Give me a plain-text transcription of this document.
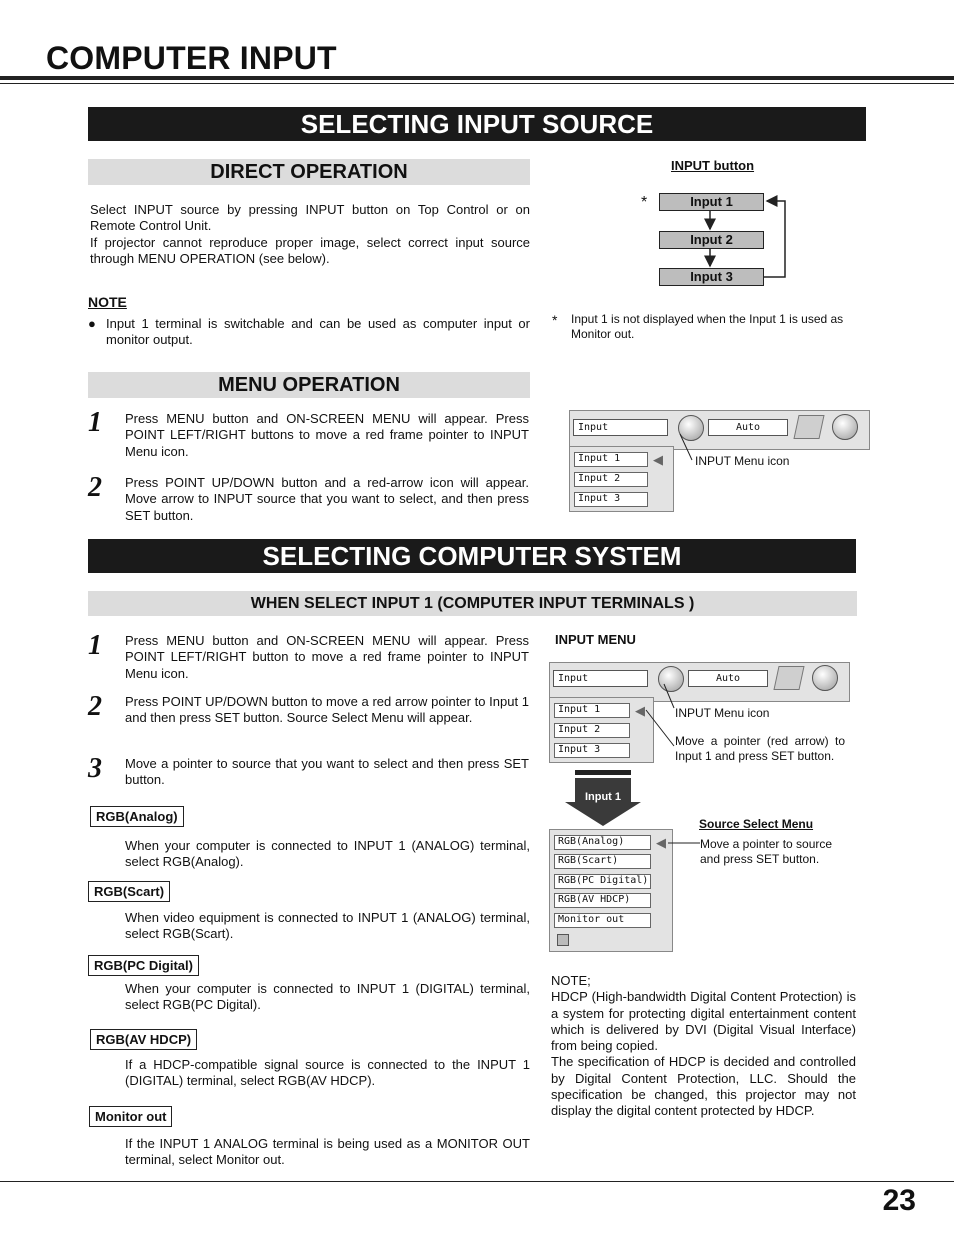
COMPUTER INPUT
SELECTING INPUT SOURCE
DIRECT OPERATION
Select INPUT source by pressing INPUT button on Top Control or on Remote Control Unit.
If projector cannot reproduce proper image, select correct input source through MENU OPERATION (see below).
NOTE
● Input 1 terminal is switchable and can be used as computer input or monitor output.
INPUT button
*	Input 1
Input 2
Input 3
* Input 1 is not displayed when the Input 1 is used as Monitor out.
MENU OPERATION
1 Press MENU button and ON-SCREEN MENU will appear. Press POINT LEFT/RIGHT buttons to move a red frame pointer to INPUT Menu icon.
2 Press POINT UP/DOWN button and a red-arrow icon will appear. Move arrow to INPUT source that you want to select, and then press SET button.
Input	Auto
Input 1
Input 2
Input 3
◀	INPUT Menu icon
SELECTING COMPUTER SYSTEM
WHEN SELECT INPUT 1 (COMPUTER INPUT TERMINALS )
1 Press MENU button and ON-SCREEN MENU will appear. Press POINT LEFT/RIGHT button to move a red frame pointer to INPUT Menu icon.
2 Press POINT UP/DOWN button to move a red arrow pointer to Input 1 and then press SET button. Source Select Menu will appear.
3 Move a pointer to source that you want to select and then press SET button.
RGB(Analog)
When your computer is connected to INPUT 1 (ANALOG) terminal, select RGB(Analog).
RGB(Scart)
When video equipment is connected to INPUT 1 (ANALOG) terminal, select RGB(Scart).
RGB(PC Digital)
When your computer is connected to INPUT 1 (DIGITAL) terminal, select RGB(PC Digital).
RGB(AV HDCP)
If a HDCP-compatible signal source is connected to the INPUT 1 (DIGITAL) terminal, select RGB(AV HDCP).
Monitor out
If the INPUT 1 ANALOG terminal is being used as a MONITOR OUT terminal, select Monitor out.
INPUT MENU
Input	Auto
Input 1
Input 2
Input 3
◀	INPUT Menu icon
Move a pointer (red arrow) to Input 1 and press SET button.
Input 1
Source Select Menu
Move a pointer to source and press SET button.
RGB(Analog)
RGB(Scart)
RGB(PC Digital)
RGB(AV HDCP)
Monitor out
◀
NOTE;
HDCP (High-bandwidth Digital Content Protection) is a system for protecting digital entertainment content which is delivered by DVI (Digital Visual Interface) from being copied.
The specification of HDCP is decided and controlled by Digital Content Protection, LLC. Should the specification be changed, this projector may not display the digital content protected by HDCP.
23
